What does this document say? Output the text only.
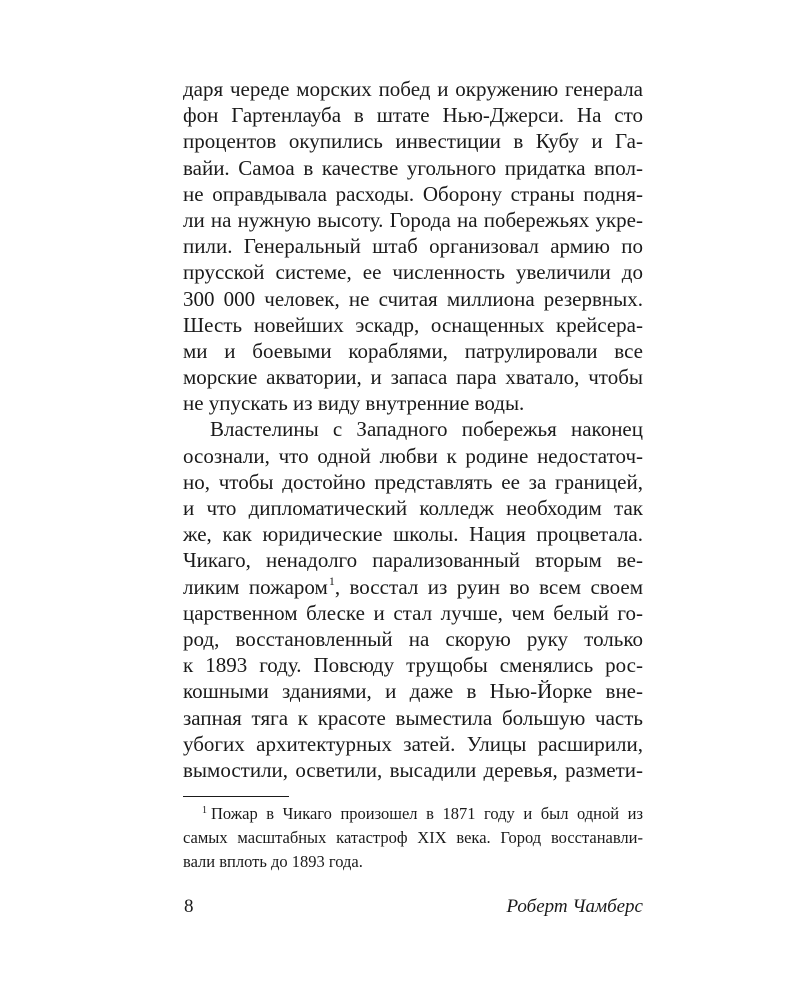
даря череде морских побед и окружению генерала
фон Гартенлауба в штате Нью-Джерси. На сто
процентов окупились инвестиции в Кубу и Га-
вайи. Самоа в качестве угольного придатка впол-
не оправдывала расходы. Оборону страны подня-
ли на нужную высоту. Города на побережьях укре-
пили. Генеральный штаб организовал армию по
прусской системе, ее численность увеличили до
300 000 человек, не считая миллиона резервных.
Шесть новейших эскадр, оснащенных крейсера-
ми и боевыми кораблями, патрулировали все
морские акватории, и запаса пара хватало, чтобы
не упускать из виду внутренние воды.
Властелины с Западного побережья наконец
осознали, что одной любви к родине недостаточ-
но, чтобы достойно представлять ее за границей,
и что дипломатический колледж необходим так
же, как юридические школы. Нация процветала.
Чикаго, ненадолго парализованный вторым ве-
ликим пожаром$^1$, восстал из руин во всем своем
царственном блеске и стал лучше, чем белый го-
род, восстановленный на скорую руку только
к 1893 году. Повсюду трущобы сменялись рос-
кошными зданиями, и даже в Нью-Йорке вне-
запная тяга к красоте выместила большую часть
убогих архитектурных затей. Улицы расширили,
вымостили, осветили, высадили деревья, размети-
$^1$ Пожар в Чикаго произошел в 1871 году и был одной из
самых масштабных катастроф XIX века. Город восстанавли-
вали вплоть до 1893 года.
8	Роберт Чамберс
